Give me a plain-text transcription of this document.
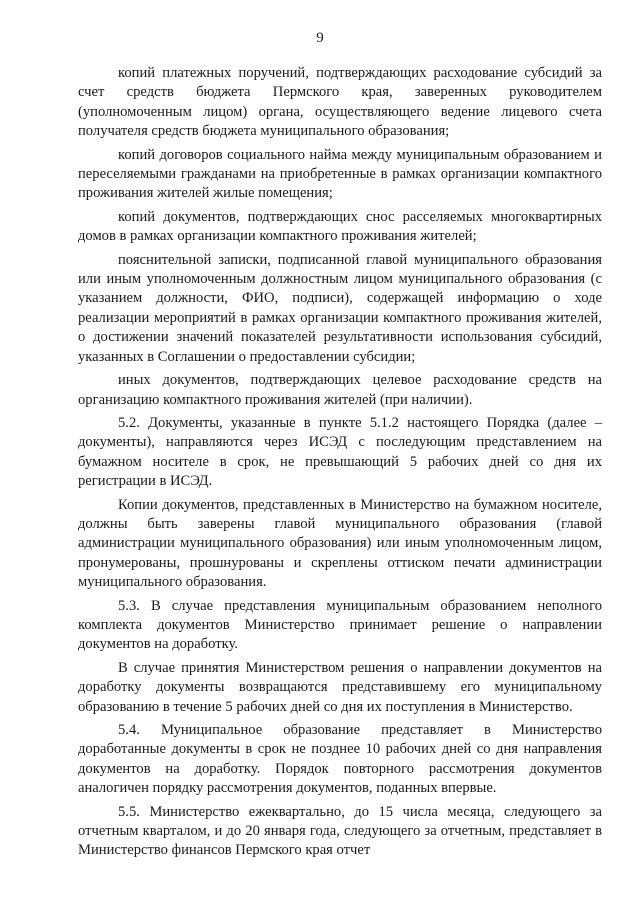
9

копий платежных поручений, подтверждающих расходование субсидий за счет средств бюджета Пермского края, заверенных руководителем (уполномоченным лицом) органа, осуществляющего ведение лицевого счета получателя средств бюджета муниципального образования;

копий договоров социального найма между муниципальным образованием и переселяемыми гражданами на приобретенные в рамках организации компактного проживания жителей жилые помещения;

копий документов, подтверждающих снос расселяемых многоквартирных домов в рамках организации компактного проживания жителей;

пояснительной записки, подписанной главой муниципального образования или иным уполномоченным должностным лицом муниципального образования (с указанием должности, ФИО, подписи), содержащей информацию о ходе реализации мероприятий в рамках организации компактного проживания жителей, о достижении значений показателей результативности использования субсидий, указанных в Соглашении о предоставлении субсидии;

иных документов, подтверждающих целевое расходование средств на организацию компактного проживания жителей (при наличии).

5.2. Документы, указанные в пункте 5.1.2 настоящего Порядка (далее – документы), направляются через ИСЭД с последующим представлением на бумажном носителе в срок, не превышающий 5 рабочих дней со дня их регистрации в ИСЭД.

Копии документов, представленных в Министерство на бумажном носителе, должны быть заверены главой муниципального образования (главой администрации муниципального образования) или иным уполномоченным лицом, пронумерованы, прошнурованы и скреплены оттиском печати администрации муниципального образования.

5.3. В случае представления муниципальным образованием неполного комплекта документов Министерство принимает решение о направлении документов на доработку.

В случае принятия Министерством решения о направлении документов на доработку документы возвращаются представившему его муниципальному образованию в течение 5 рабочих дней со дня их поступления в Министерство.

5.4. Муниципальное образование представляет в Министерство доработанные документы в срок не позднее 10 рабочих дней со дня направления документов на доработку. Порядок повторного рассмотрения документов аналогичен порядку рассмотрения документов, поданных впервые.

5.5. Министерство ежеквартально, до 15 числа месяца, следующего за отчетным кварталом, и до 20 января года, следующего за отчетным, представляет в Министерство финансов Пермского края отчет
